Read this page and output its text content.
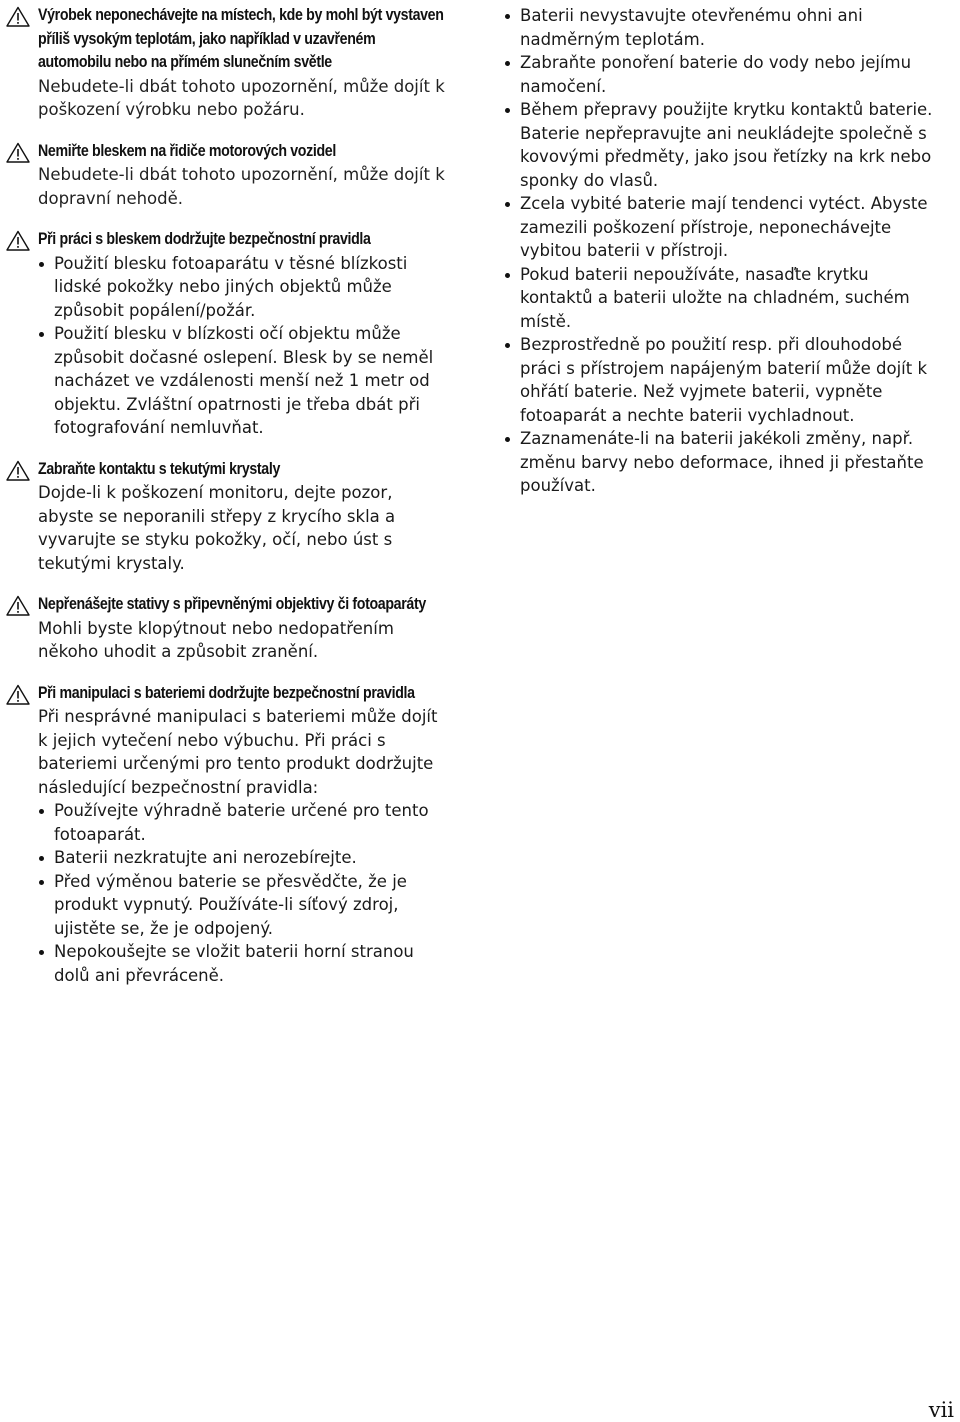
Výrobek neponechávejte na místech, kde by mohl být vystaven příliš vysokým teplotám, jako například v uzavřeném automobilu nebo na přímém slunečním světle
Nebudete-li dbát tohoto upozornění, může dojít k poškození výrobku nebo požáru.
Nemiřte bleskem na řidiče motorových vozidel
Nebudete-li dbát tohoto upozornění, může dojít k dopravní nehodě.
Při práci s bleskem dodržujte bezpečnostní pravidla
Použití blesku fotoaparátu v těsné blízkosti lidské pokožky nebo jiných objektů může způsobit popálení/požár.
Použití blesku v blízkosti očí objektu může způsobit dočasné oslepení. Blesk by se neměl nacházet ve vzdálenosti menší než 1 metr od objektu. Zvláštní opatrnosti je třeba dbát při fotografování nemluvňat.
Zabraňte kontaktu s tekutými krystaly
Dojde-li k poškození monitoru, dejte pozor, abyste se neporanili střepy z krycího skla a vyvarujte se styku pokožky, očí, nebo úst s tekutými krystaly.
Nepřenášejte stativy s připevněnými objektivy či fotoaparáty
Mohli byste klopýtnout nebo nedopatřením někoho uhodit a způsobit zranění.
Při manipulaci s bateriemi dodržujte bezpečnostní pravidla
Při nesprávné manipulaci s bateriemi může dojít k jejich vytečení nebo výbuchu. Při práci s bateriemi určenými pro tento produkt dodržujte následující bezpečnostní pravidla:
Používejte výhradně baterie určené pro tento fotoaparát.
Baterii nezkratujte ani nerozebírejte.
Před výměnou baterie se přesvědčte, že je produkt vypnutý. Používáte-li síťový zdroj, ujistěte se, že je odpojený.
Nepokoušejte se vložit baterii horní stranou dolů ani převráceně.
Baterii nevystavujte otevřenému ohni ani nadměrným teplotám.
Zabraňte ponoření baterie do vody nebo jejímu namočení.
Během přepravy použijte krytku kontaktů baterie. Baterie nepřepravujte ani neukládejte společně s kovovými předměty, jako jsou řetízky na krk nebo sponky do vlasů.
Zcela vybité baterie mají tendenci vytéct. Abyste zamezili poškození přístroje, neponechávejte vybitou baterii v přístroji.
Pokud baterii nepoužíváte, nasaďte krytku kontaktů a baterii uložte na chladném, suchém místě.
Bezprostředně po použití resp. při dlouhodobé práci s přístrojem napájeným baterií může dojít k ohřátí baterie. Než vyjmete baterii, vypněte fotoaparát a nechte baterii vychladnout.
Zaznamenáte-li na baterii jakékoli změny, např. změnu barvy nebo deformace, ihned ji přestaňte používat.
vii
